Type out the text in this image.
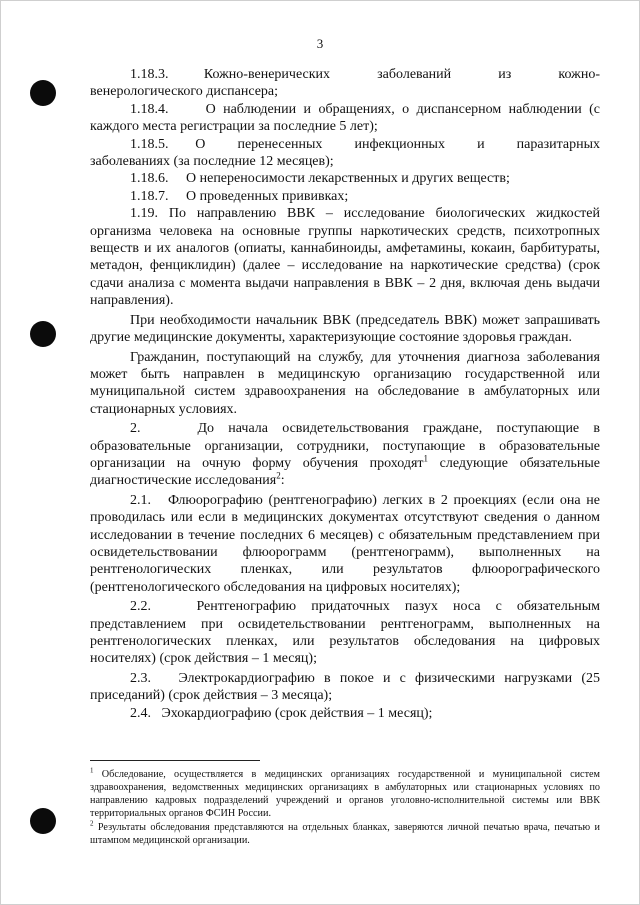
3

1.18.3.      Кожно-венерических        заболеваний        из        кожно-венерологического диспансера;

1.18.4.     О наблюдении и обращениях, о диспансерном наблюдении (с каждого места регистрации за последние 5 лет);

1.18.5.     О      перенесенных      инфекционных      и      паразитарных заболеваниях (за последние 12 месяцев);

1.18.6.     О непереносимости лекарственных и других веществ;

1.18.7.     О проведенных прививках;

1.19. По направлению ВВК – исследование биологических жидкостей организма человека на основные группы наркотических средств, психотропных веществ и их аналогов (опиаты, каннабиноиды, амфетамины, кокаин, барбитураты, метадон, фенциклидин) (далее – исследование на наркотические средства) (срок сдачи анализа с момента выдачи направления в ВВК – 2 дня, включая день выдачи направления).

При необходимости начальник ВВК (председатель ВВК) может запрашивать другие медицинские документы, характеризующие состояние здоровья граждан.

Гражданин, поступающий на службу, для уточнения диагноза заболевания может быть направлен в медицинскую организацию государственной или муниципальной систем здравоохранения на обследование в амбулаторных или стационарных условиях.

2.    До начала освидетельствования граждане, поступающие в образовательные организации, сотрудники, поступающие в образовательные организации на очную форму обучения проходят$^1$ следующие обязательные диагностические исследования$^2$:

2.1.   Флюорографию (рентгенографию) легких в 2 проекциях (если она не проводилась или если в медицинских документах отсутствуют сведения о данном исследовании в течение последних 6 месяцев) с обязательным представлением при освидетельствовании флюорограмм (рентгенограмм), выполненных на рентгенологических пленках, или результатов флюорографического (рентгенологического обследования на цифровых носителях);

2.2.   Рентгенографию придаточных пазух носа с обязательным представлением при освидетельствовании рентгенограмм, выполненных на рентгенологических пленках, или результатов обследования на цифровых носителях) (срок действия – 1 месяц);

2.3.   Электрокардиографию в покое и с физическими нагрузками (25 приседаний) (срок действия – 3 месяца);

2.4.   Эхокардиографию (срок действия – 1 месяц);

$^1$ Обследование, осуществляется в медицинских организациях государственной и муниципальной систем здравоохранения, ведомственных медицинских организациях в амбулаторных или стационарных условиях по направлению кадровых подразделений учреждений и органов уголовно-исполнительной системы или ВВК территориальных органов ФСИН России.

$^2$ Результаты обследования представляются на отдельных бланках, заверяются личной печатью врача, печатью и штампом медицинской организации.
